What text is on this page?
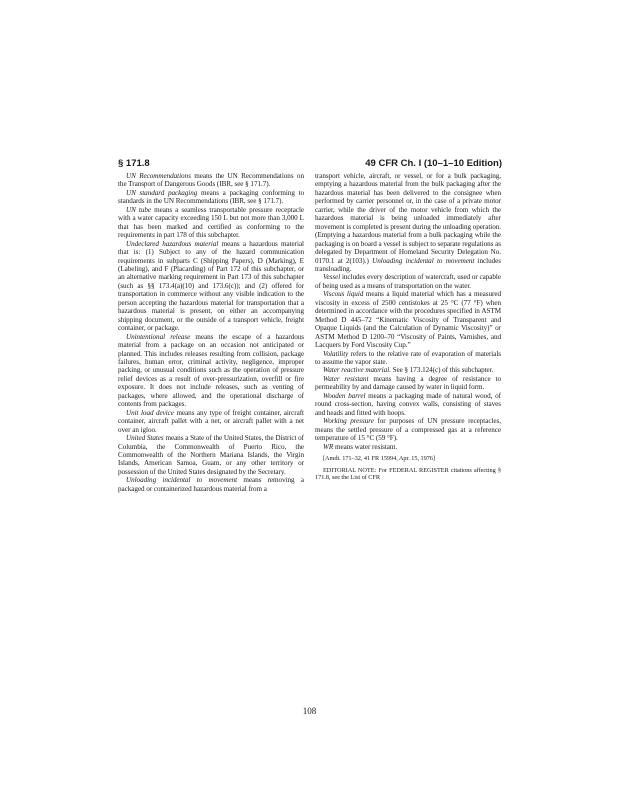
§ 171.8	49 CFR Ch. I (10–1–10 Edition)

UN Recommendations means the UN Recommendations on the Transport of Dangerous Goods (IBR, see § 171.7).

UN standard packaging means a packaging conforming to standards in the UN Recommendations (IBR, see § 171.7).

UN tube means a seamless transportable pressure receptacle with a water capacity exceeding 150 L but not more than 3,000 L that has been marked and certified as conforming to the requirements in part 178 of this subchapter.

Undeclared hazardous material means a hazardous material that is: (1) Subject to any of the hazard communication requirements in subparts C (Shipping Papers), D (Marking), E (Labeling), and F (Placarding) of Part 172 of this subchapter, or an alternative marking requirement in Part 173 of this subchapter (such as §§ 173.4(a)(10) and 173.6(c)); and (2) offered for transportation in commerce without any visible indication to the person accepting the hazardous material for transportation that a hazardous material is present, on either an accompanying shipping document, or the outside of a transport vehicle, freight container, or package.

Unintentional release means the escape of a hazardous material from a package on an occasion not anticipated or planned. This includes releases resulting from collision, package failures, human error, criminal activity, negligence, improper packing, or unusual conditions such as the operation of pressure relief devices as a result of over-pressurization, overfill or fire exposure. It does not include releases, such as venting of packages, where allowed, and the operational discharge of contents from packages.

Unit load device means any type of freight container, aircraft container, aircraft pallet with a net, or aircraft pallet with a net over an igloo.

United States means a State of the United States, the District of Columbia, the Commonwealth of Puerto Rico, the Commonwealth of the Northern Mariana Islands, the Virgin Islands, American Samoa, Guam, or any other territory or possession of the United States designated by the Secretary.

Unloading incidental to movement means removing a packaged or containerized hazardous material from a

transport vehicle, aircraft, or vessel, or for a bulk packaging, emptying a hazardous material from the bulk packaging after the hazardous material has been delivered to the consignee when performed by carrier personnel or, in the case of a private motor carrier, while the driver of the motor vehicle from which the hazardous material is being unloaded immediately after movement is completed is present during the unloading operation. (Emptying a hazardous material from a bulk packaging while the packaging is on board a vessel is subject to separate regulations as delegated by Department of Homeland Security Delegation No. 0170.1 at 2(103).) Unloading incidental to movement includes transloading.

Vessel includes every description of watercraft, used or capable of being used as a means of transportation on the water.

Viscous liquid means a liquid material which has a measured viscosity in excess of 2500 centistokes at 25 °C (77 °F) when determined in accordance with the procedures specified in ASTM Method D 445–72 “Kinematic Viscosity of Transparent and Opaque Liquids (and the Calculation of Dynamic Viscosity)” or ASTM Method D 1200–70 “Viscosity of Paints, Varnishes, and Lacquers by Ford Viscosity Cup.”

Volatility refers to the relative rate of evaporation of materials to assume the vapor state.

Water reactive material. See § 173.124(c) of this subchapter.

Water resistant means having a degree of resistance to permeability by and damage caused by water in liquid form.

Wooden barrel means a packaging made of natural wood, of round cross-section, having convex walls, consisting of staves and heads and fitted with hoops.

Working pressure for purposes of UN pressure receptacles, means the settled pressure of a compressed gas at a reference temperature of 15 °C (59 °F).

WR means water resistant.

[Amdt. 171–32, 41 FR 15994, Apr. 15, 1976]

EDITORIAL NOTE: For FEDERAL REGISTER citations affecting § 171.8, see the List of CFR

108
